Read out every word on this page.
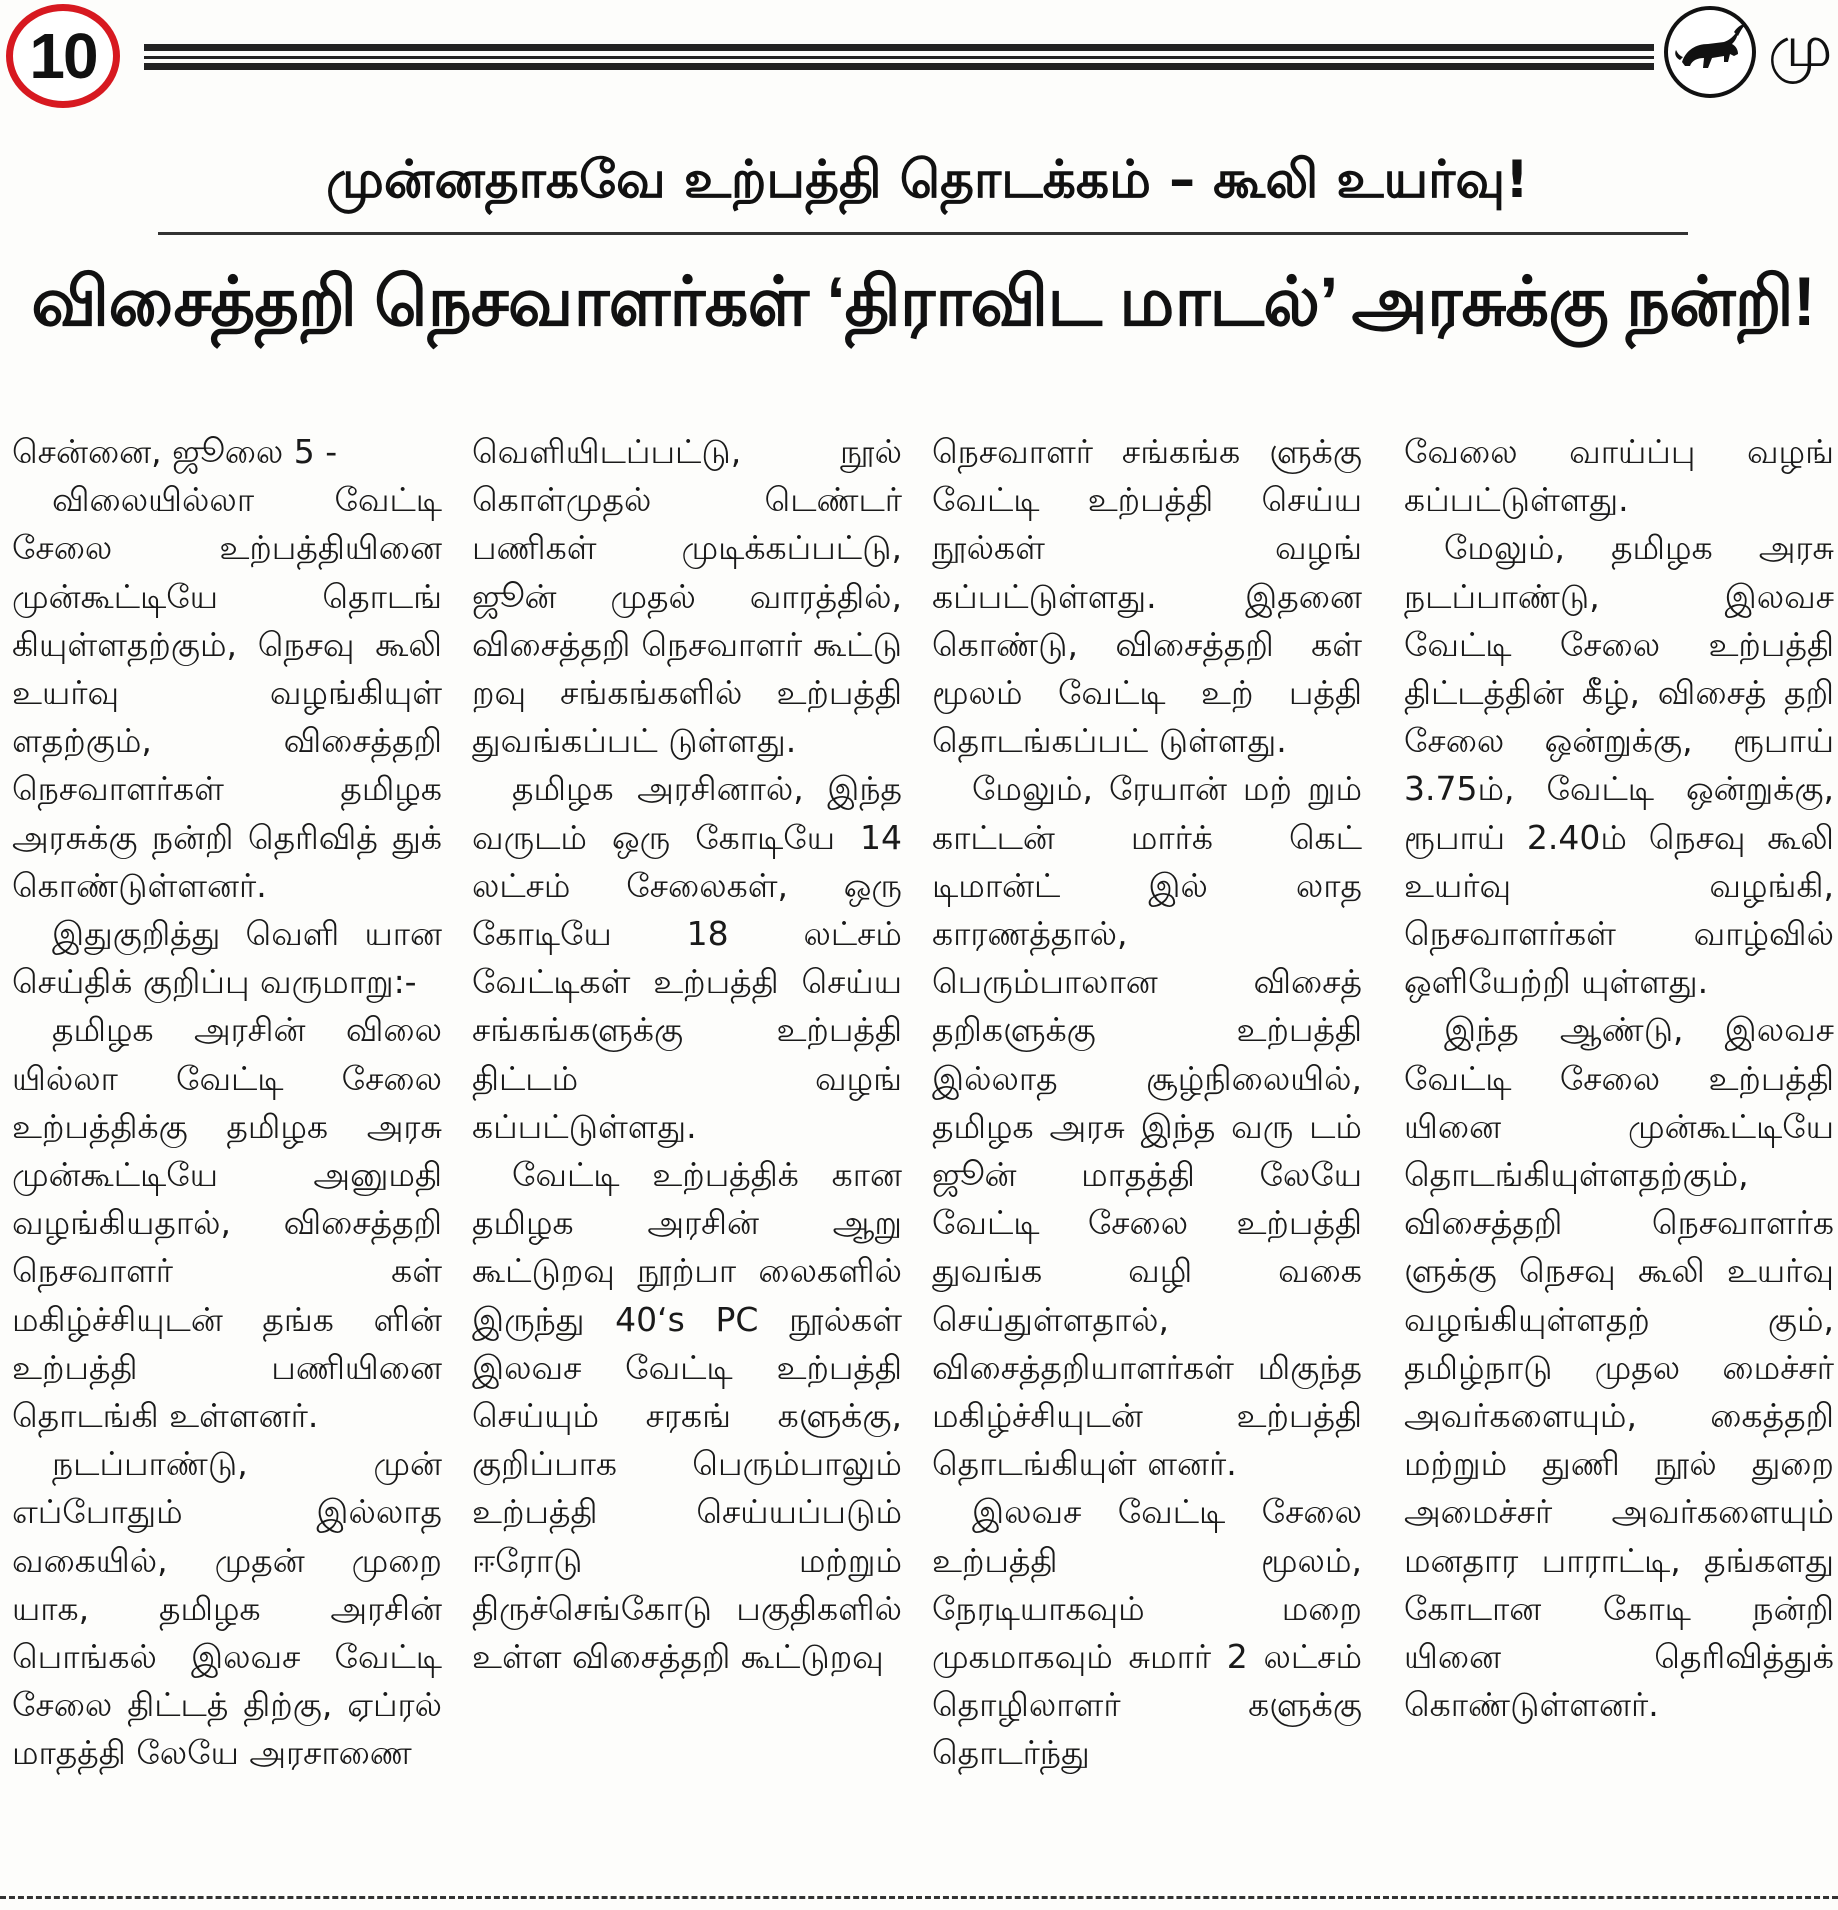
10	மு
முன்னதாகவே உற்பத்தி தொடக்கம் – கூலி உயர்வு!
விசைத்தறி நெசவாளர்கள் ‘திராவிட மாடல்’ அரசுக்கு நன்றி!

சென்னை, ஜூலை 5 -

விலையில்லா வேட்டி சேலை உற்பத்தியினை முன்கூட்டியே தொடங் கியுள்ளதற்கும், நெசவு கூலி உயர்வு வழங்கியுள் ளதற்கும், விசைத்தறி நெசவாளர்கள் தமிழக அரசுக்கு நன்றி தெரிவித் துக் கொண்டுள்ளனர்.

இதுகுறித்து வெளி யான செய்திக் குறிப்பு வருமாறு:-

தமிழக அரசின் விலை யில்லா வேட்டி சேலை உற்பத்திக்கு தமிழக அரசு முன்கூட்டியே அனுமதி வழங்கியதால், விசைத்தறி நெசவாளர் கள் மகிழ்ச்சியுடன் தங்க ளின் உற்பத்தி பணியினை தொடங்கி உள்ளனர்.

நடப்பாண்டு, முன் எப்போதும் இல்லாத வகையில், முதன் முறை யாக, தமிழக அரசின் பொங்கல் இலவச வேட்டி சேலை திட்டத் திற்கு, ஏப்ரல் மாதத்தி லேயே அரசாணை

வெளியிடப்பட்டு, நூல் கொள்முதல் டெண்டர் பணிகள் முடிக்கப்பட்டு, ஜூன் முதல் வாரத்தில், விசைத்தறி நெசவாளர் கூட்டு றவு சங்கங்களில் உற்பத்தி துவங்கப்பட் டுள்ளது.

தமிழக அரசினால், இந்த வருடம் ஒரு கோடியே 14 லட்சம் சேலைகள், ஒரு கோடியே 18 லட்சம் வேட்டிகள் உற்பத்தி செய்ய சங்கங்களுக்கு உற்பத்தி திட்டம் வழங் கப்பட்டுள்ளது.

வேட்டி உற்பத்திக் கான தமிழக அரசின் ஆறு கூட்டுறவு நூற்பா லைகளில் இருந்து 40‘s PC நூல்கள் இலவச வேட்டி உற்பத்தி செய்யும் சரகங் களுக்கு, குறிப்பாக பெரும்பாலும் உற்பத்தி செய்யப்படும் ஈரோடு மற்றும் திருச்செங்கோடு பகுதிகளில் உள்ள விசைத்தறி கூட்டுறவு

நெசவாளர் சங்கங்க ளுக்கு வேட்டி உற்பத்தி செய்ய நூல்கள் வழங் கப்பட்டுள்ளது. இதனை கொண்டு, விசைத்தறி கள் மூலம் வேட்டி உற் பத்தி தொடங்கப்பட் டுள்ளது.

மேலும், ரேயான் மற் றும் காட்டன் மார்க் கெட் டிமான்ட் இல் லாத காரணத்தால், பெரும்பாலான விசைத் தறிகளுக்கு உற்பத்தி இல்லாத சூழ்நிலையில், தமிழக அரசு இந்த வரு டம் ஜூன் மாதத்தி லேயே வேட்டி சேலை உற்பத்தி துவங்க வழி வகை செய்துள்ளதால், விசைத்தறியாளர்கள் மிகுந்த மகிழ்ச்சியுடன் உற்பத்தி தொடங்கியுள் ளனர்.

இலவச வேட்டி சேலை உற்பத்தி மூலம், நேரடியாகவும் மறை முகமாகவும் சுமார் 2 லட்சம் தொழிலாளர் களுக்கு தொடர்ந்து

வேலை வாய்ப்பு வழங் கப்பட்டுள்ளது.

மேலும், தமிழக அரசு நடப்பாண்டு, இலவச வேட்டி சேலை உற்பத்தி திட்டத்தின் கீழ், விசைத் தறி சேலை ஒன்றுக்கு, ரூபாய் 3.75ம், வேட்டி ஒன்றுக்கு, ரூபாய் 2.40ம் நெசவு கூலி உயர்வு வழங்கி, நெசவாளர்கள் வாழ்வில் ஒளியேற்றி யுள்ளது.

இந்த ஆண்டு, இலவச வேட்டி சேலை உற்பத்தி யினை முன்கூட்டியே தொடங்கியுள்ளதற்கும், விசைத்தறி நெசவாளர்க ளுக்கு நெசவு கூலி உயர்வு வழங்கியுள்ளதற் கும், தமிழ்நாடு முதல மைச்சர் அவர்களையும், கைத்தறி மற்றும் துணி நூல் துறை அமைச்சர் அவர்களையும் மனதார பாராட்டி, தங்களது கோடான கோடி நன்றி யினை தெரிவித்துக் கொண்டுள்ளனர்.
